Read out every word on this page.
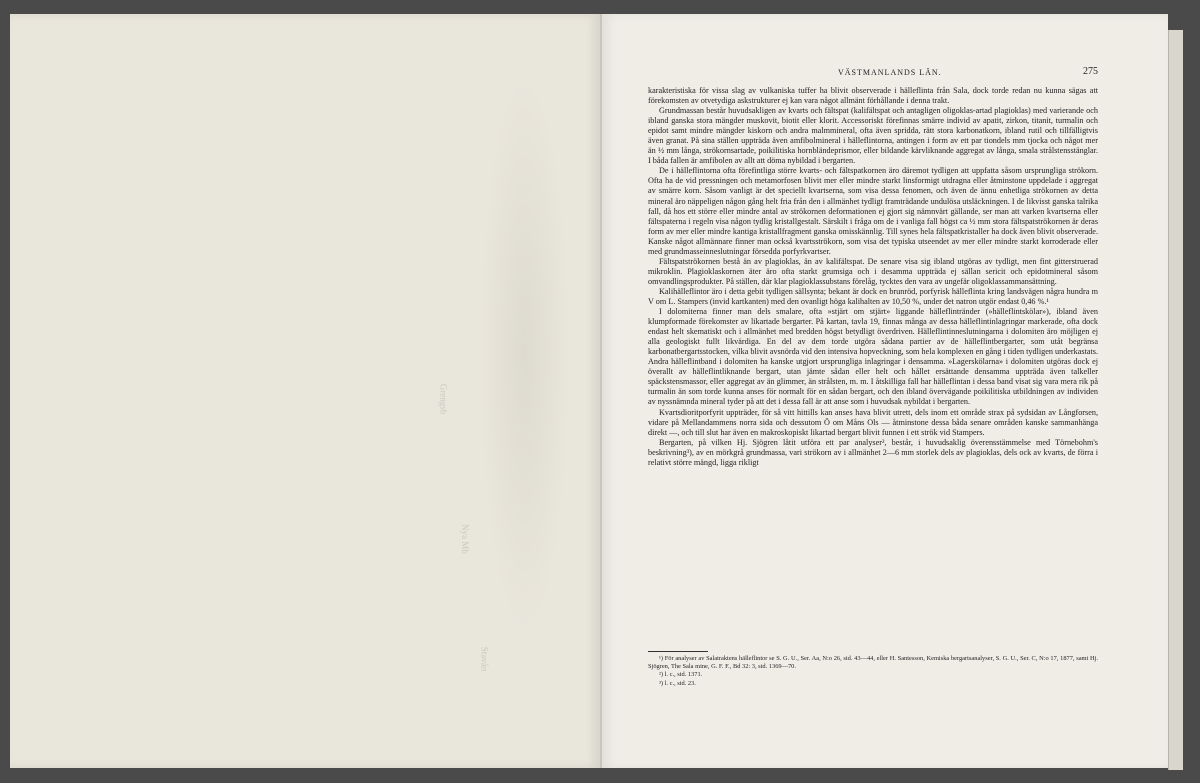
Grengsb
Nya Mb
Stavån
VÄSTMANLANDS LÄN.	275

karakteristiska för vissa slag av vulkaniska tuffer ha blivit observerade i hälleflinta från Sala, dock torde redan nu kunna sägas att förekomsten av otvetydiga askstrukturer ej kan vara något allmänt förhållande i denna trakt.

Grundmassan består huvudsakligen av kvarts och fältspat (kalifältspat och antagligen oligoklas-artad plagioklas) med varierande och ibland ganska stora mängder muskovit, biotit eller klorit. Accessoriskt förefinnas smärre individ av apatit, zirkon, titanit, turmalin och epidot samt mindre mängder kiskorn och andra malmmineral, ofta även spridda, rätt stora karbonatkorn, ibland rutil och tillfälligtvis även granat. På sina ställen uppträda även amfibolmineral i hälleflintorna, antingen i form av ett par tiondels mm tjocka och något mer än ½ mm långa, strökornsartade, poikilitiska hornbländeprismor, eller bildande kärvliknande aggregat av långa, smala strålstensstänglar. I båda fallen är amfibolen av allt att döma nybildad i bergarten.

De i hälleflintorna ofta förefintliga större kvarts- och fältspatkornen äro däremot tydligen att uppfatta såsom ursprungliga strökorn. Ofta ha de vid pressningen och metamorfosen blivit mer eller mindre starkt linsformigt utdragna eller åtminstone uppdelade i aggregat av smärre korn. Såsom vanligt är det speciellt kvartserna, som visa dessa fenomen, och även de ännu enhetliga strökornen av detta mineral äro näppeligen någon gång helt fria från den i allmänhet tydligt framträdande undulösa utsläckningen. I de likvisst ganska talrika fall, då hos ett större eller mindre antal av strökornen deformationen ej gjort sig nämnvärt gällande, ser man att varken kvartserna eller fältspaterna i regeln visa någon tydlig kristallgestalt. Särskilt i fråga om de i vanliga fall högst ca ½ mm stora fältspatströkornen är deras form av mer eller mindre kantiga kristallfragment ganska omisskännlig. Till synes hela fältspatkristaller ha dock även blivit observerade. Kanske något allmännare finner man också kvartsströkorn, som visa det typiska utseendet av mer eller mindre starkt korroderade eller med grundmasseinneslutningar försedda porfyrkvartser.

Fältspatströkornen bestå än av plagioklas, än av kalifältspat. De senare visa sig ibland utgöras av tydligt, men fint gitterstruerad mikroklin. Plagioklaskornen äter äro ofta starkt grumsiga och i desamma uppträda ej sällan sericit och epidotmineral såsom omvandlingsprodukter. På ställen, där klar plagioklassubstans förelåg, tycktes den vara av ungefär oligoklassammansättning.

Kalihälleflintor äro i detta gebit tydligen sällsynta; bekant är dock en brunröd, porfyrisk hälleflinta kring landsvägen några hundra m V om L. Stampers (invid kartkanten) med den ovanligt höga kalihalten av 10,50 %, under det natron utgör endast 0,46 %.¹

I dolomiterna finner man dels smalare, ofta »stjärt om stjärt» liggande hälleflintränder (»hälleflintskölar»), ibland även klumpformade förekomster av likartade bergarter. På kartan, tavla 19, finnas många av dessa hälleflintinlagringar markerade, ofta dock endast helt skematiskt och i allmänhet med bredden högst betydligt överdriven. Hälleflintinneslutningarna i dolomiten äro möjligen ej alla geologiskt fullt likvärdiga. En del av dem torde utgöra sådana partier av de hälleflintbergarter, som utåt begränsa karbonatbergartsstocken, vilka blivit avsnörda vid den intensiva hopveckning, som hela komplexen en gång i tiden tydligen underkastats. Andra hälleflintband i dolomiten ha kanske utgjort ursprungliga inlagringar i densamma. »Lagerskölarna» i dolomiten utgöras dock ej överallt av hälleflintliknande bergart, utan jämte sådan eller helt och hållet ersättande densamma uppträda även talkeller späckstensmassor, eller aggregat av än glimmer, än strålsten, m. m. I åtskilliga fall har hälleflintan i dessa band visat sig vara mera rik på turmalin än som torde kunna anses för normalt för en sådan bergart, och den ibland övervägande poikilitiska utbildningen av individen av nyssnämnda mineral tyder på att det i dessa fall är att anse som i huvudsak nybildat i bergarten.

Kvartsdioritporfyrit uppträder, för så vitt hittills kan anses hava blivit utrett, dels inom ett område strax på sydsidan av Långforsen, vidare på Mellandammens norra sida och dessutom Ö om Måns Ols — åtminstone dessa båda senare områden kanske sammanhänga direkt —, och till slut har även en makroskopiskt likartad bergart blivit funnen i ett strök vid Stampers.

Bergarten, på vilken Hj. Sjögren låtit utföra ett par analyser², består, i huvudsaklig överensstämmelse med Törnebohm's beskrivning³), av en mörkgrå grundmassa, vari strökorn av i allmänhet 2—6 mm storlek dels av plagioklas, dels ock av kvarts, de förra i relativt större mängd, ligga rikligt

¹) För analyser av Salatraktens hälleflintor se S. G. U., Ser. Aa, N:o 26, sid. 43—44, eller H. Santesson, Kemiska bergartsanalyser, S. G. U., Ser. C, N:o 17, 1877, samt Hj. Sjögren, The Sala mine, G. F. F., Bd 32: 3, sid. 1369—70.

²) l. c., sid. 1371.

³) l. c., sid. 23.
